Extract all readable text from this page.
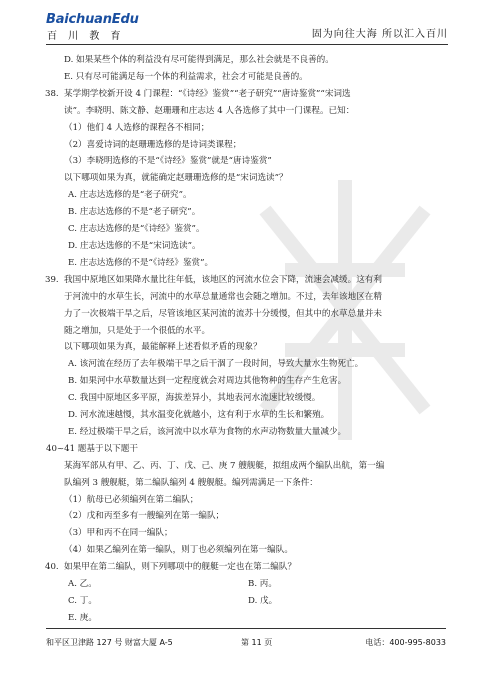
BaichuanEdu
百 川 教 育	固为向往大海 所以汇入百川
D. 如果某些个体的利益没有尽可能得到满足，那么社会就是不良善的。
E. 只有尽可能满足每一个体的利益需求，社会才可能是良善的。
38. 某学期学校新开设 4 门课程：“《诗经》鉴赏”“老子研究”“唐诗鉴赏”“宋词选
读”。李晓明、陈文静、赵珊珊和庄志达 4 人各选修了其中一门课程。已知：
（1）他们 4 人选修的课程各不相同；
（2）喜爱诗词的赵珊珊选修的是诗词类课程；
（3）李晓明选修的不是“《诗经》鉴赏”就是“唐诗鉴赏”
以下哪项如果为真，就能确定赵珊珊选修的是“宋词选读”？
A. 庄志达选修的是“老子研究”。
B. 庄志达选修的不是“老子研究”。
C. 庄志达选修的是“《诗经》鉴赏”。
D. 庄志达选修的不是“宋词选读”。
E. 庄志达选修的不是“《诗经》鉴赏”。
39. 我国中原地区如果降水量比往年低，该地区的河流水位会下降，流速会减缓。这有利
于河流中的水草生长，河流中的水草总量通常也会随之增加。不过，去年该地区在精
力了一次极端干旱之后，尽管该地区某河流的流苏十分缓慢，但其中的水草总量并未
随之增加，只是处于一个很低的水平。
以下哪项如果为真，最能解释上述看似矛盾的现象？
A. 该河流在经历了去年极端干旱之后干涸了一段时间，导致大量水生物死亡。
B. 如果河中水草数量达到一定程度就会对周边其他物种的生存产生危害。
C. 我国中原地区多平原，海拔差异小，其地表河水流速比较缓慢。
D. 河水流速越慢，其水温变化就越小，这有利于水草的生长和繁殖。
E. 经过极端干旱之后，该河流中以水草为食物的水声动物数量大量减少。
40~41 题基于以下题干
某海军部从有甲、乙、丙、丁、戊、己、庚 7 艘舰艇，拟组成两个编队出航，第一编
队编列 3 艘舰艇，第二编队编列 4 艘舰艇。编列需满足一下条件：
（1）航母已必须编列在第二编队；
（2）戊和丙至多有一艘编列在第一编队；
（3）甲和丙不在同一编队；
（4）如果乙编列在第一编队，则丁也必须编列在第一编队。
40. 如果甲在第二编队，则下列哪项中的舰艇一定也在第二编队？
A. 乙。	B. 丙。
C. 丁。	D. 戊。
E. 庚。
和平区卫津路 127 号 财富大厦 A-5	第 11 页	电话：400-995-8033
